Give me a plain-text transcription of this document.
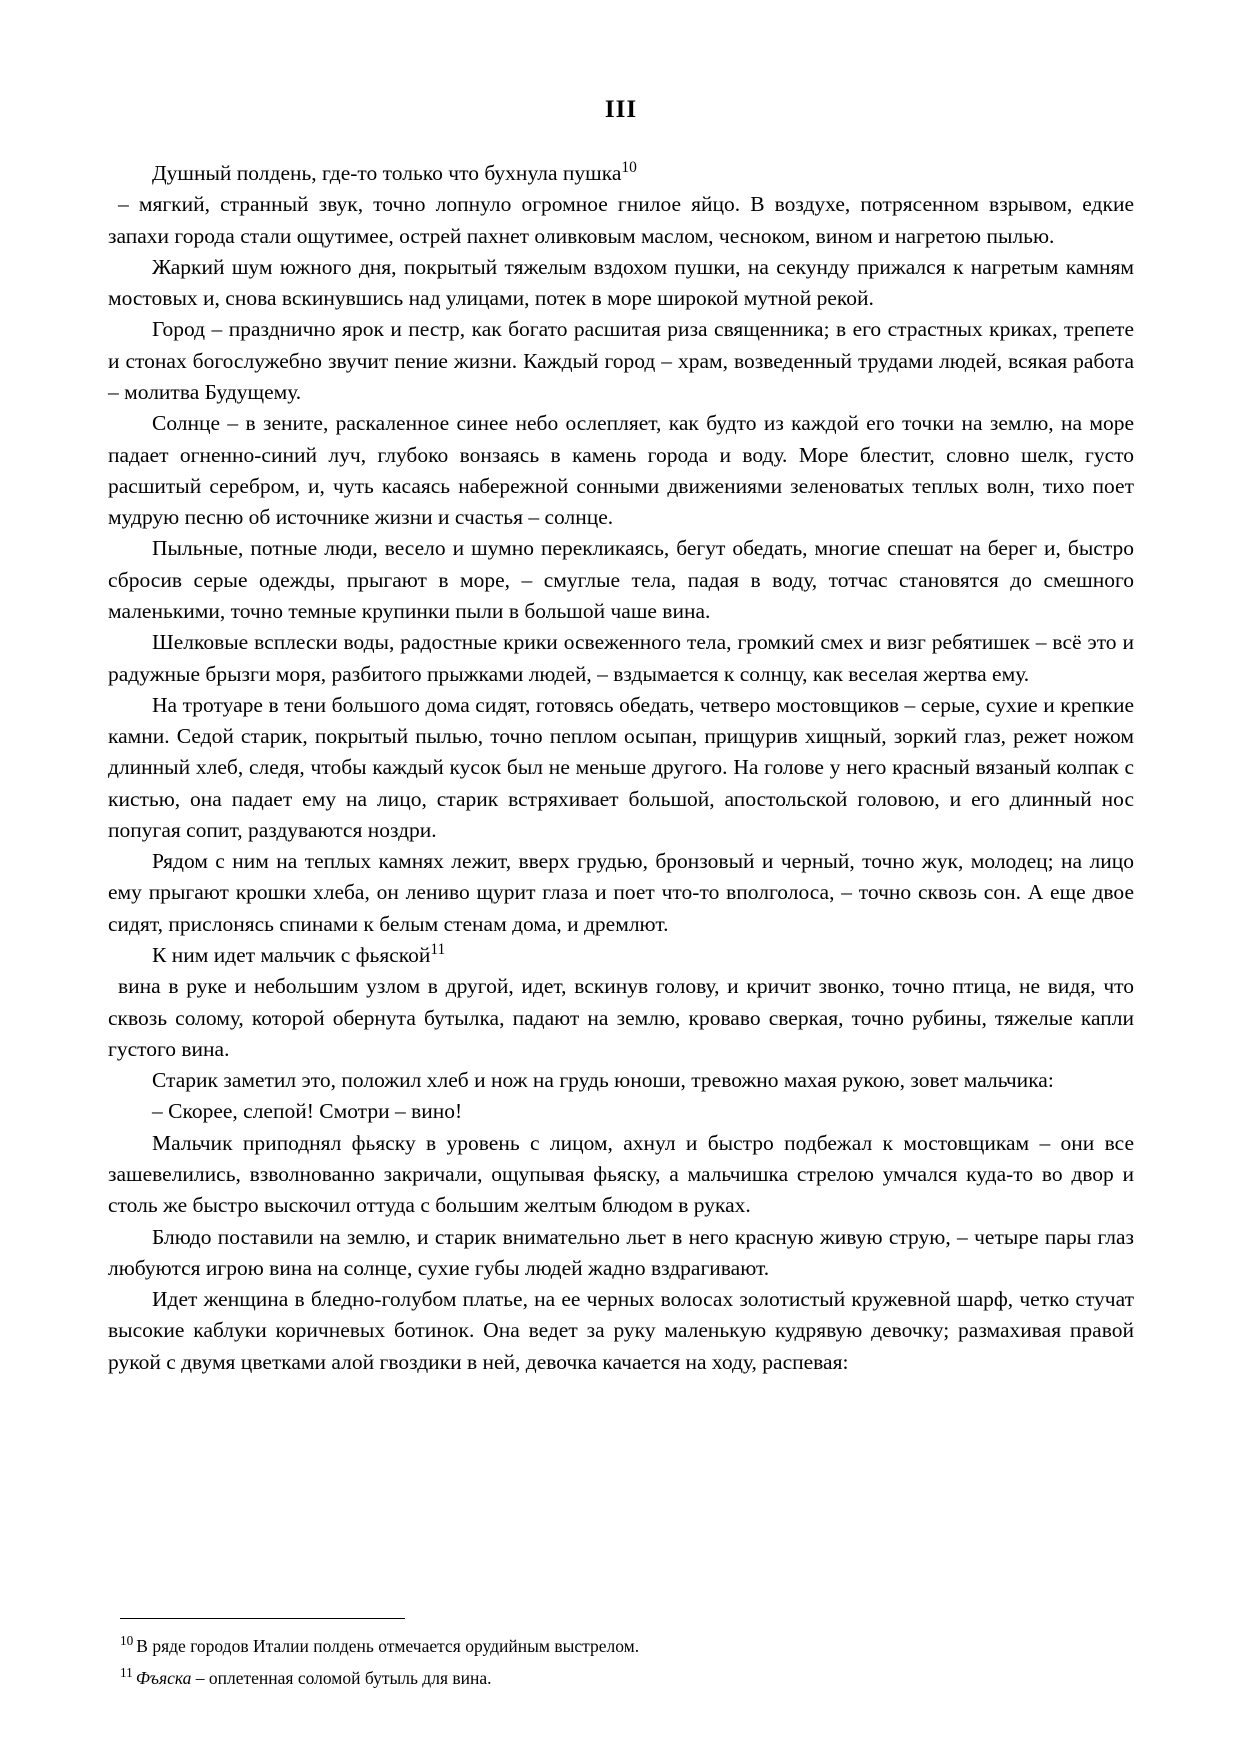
III

Душный полдень, где-то только что бухнула пушка$^{10}$

– мягкий, странный звук, точно лопнуло огромное гнилое яйцо. В воздухе, потрясенном взрывом, едкие запахи города стали ощутимее, острей пахнет оливковым маслом, чесноком, вином и нагретою пылью.

Жаркий шум южного дня, покрытый тяжелым вздохом пушки, на секунду прижался к нагретым камням мостовых и, снова вскинувшись над улицами, потек в море широкой мутной рекой.

Город – празднично ярок и пестр, как богато расшитая риза священника; в его страстных криках, трепете и стонах богослужебно звучит пение жизни. Каждый город – храм, возведенный трудами людей, всякая работа – молитва Будущему.

Солнце – в зените, раскаленное синее небо ослепляет, как будто из каждой его точки на землю, на море падает огненно-синий луч, глубоко вонзаясь в камень города и воду. Море блестит, словно шелк, густо расшитый серебром, и, чуть касаясь набережной сонными движениями зеленоватых теплых волн, тихо поет мудрую песню об источнике жизни и счастья – солнце.

Пыльные, потные люди, весело и шумно перекликаясь, бегут обедать, многие спешат на берег и, быстро сбросив серые одежды, прыгают в море, – смуглые тела, падая в воду, тотчас становятся до смешного маленькими, точно темные крупинки пыли в большой чаше вина.

Шелковые всплески воды, радостные крики освеженного тела, громкий смех и визг ребятишек – всё это и радужные брызги моря, разбитого прыжками людей, – вздымается к солнцу, как веселая жертва ему.

На тротуаре в тени большого дома сидят, готовясь обедать, четверо мостовщиков – серые, сухие и крепкие камни. Седой старик, покрытый пылью, точно пеплом осыпан, прищурив хищный, зоркий глаз, режет ножом длинный хлеб, следя, чтобы каждый кусок был не меньше другого. На голове у него красный вязаный колпак с кистью, она падает ему на лицо, старик встряхивает большой, апостольской головою, и его длинный нос попугая сопит, раздуваются ноздри.

Рядом с ним на теплых камнях лежит, вверх грудью, бронзовый и черный, точно жук, молодец; на лицо ему прыгают крошки хлеба, он лениво щурит глаза и поет что-то вполголоса, – точно сквозь сон. А еще двое сидят, прислонясь спинами к белым стенам дома, и дремлют.

К ним идет мальчик с фьяской$^{11}$

вина в руке и небольшим узлом в другой, идет, вскинув голову, и кричит звонко, точно птица, не видя, что сквозь солому, которой обернута бутылка, падают на землю, кроваво сверкая, точно рубины, тяжелые капли густого вина.

Старик заметил это, положил хлеб и нож на грудь юноши, тревожно махая рукою, зовет мальчика:

– Скорее, слепой! Смотри – вино!

Мальчик приподнял фьяску в уровень с лицом, ахнул и быстро подбежал к мостовщикам – они все зашевелились, взволнованно закричали, ощупывая фьяску, а мальчишка стрелою умчался куда-то во двор и столь же быстро выскочил оттуда с большим желтым блюдом в руках.

Блюдо поставили на землю, и старик внимательно льет в него красную живую струю, – четыре пары глаз любуются игрою вина на солнце, сухие губы людей жадно вздрагивают.

Идет женщина в бледно-голубом платье, на ее черных волосах золотистый кружевной шарф, четко стучат высокие каблуки коричневых ботинок. Она ведет за руку маленькую кудрявую девочку; размахивая правой рукой с двумя цветками алой гвоздики в ней, девочка качается на ходу, распевая:

$^{10}$ В ряде городов Италии полдень отмечается орудийным выстрелом.

$^{11}$ Фъяска – оплетенная соломой бутыль для вина.
